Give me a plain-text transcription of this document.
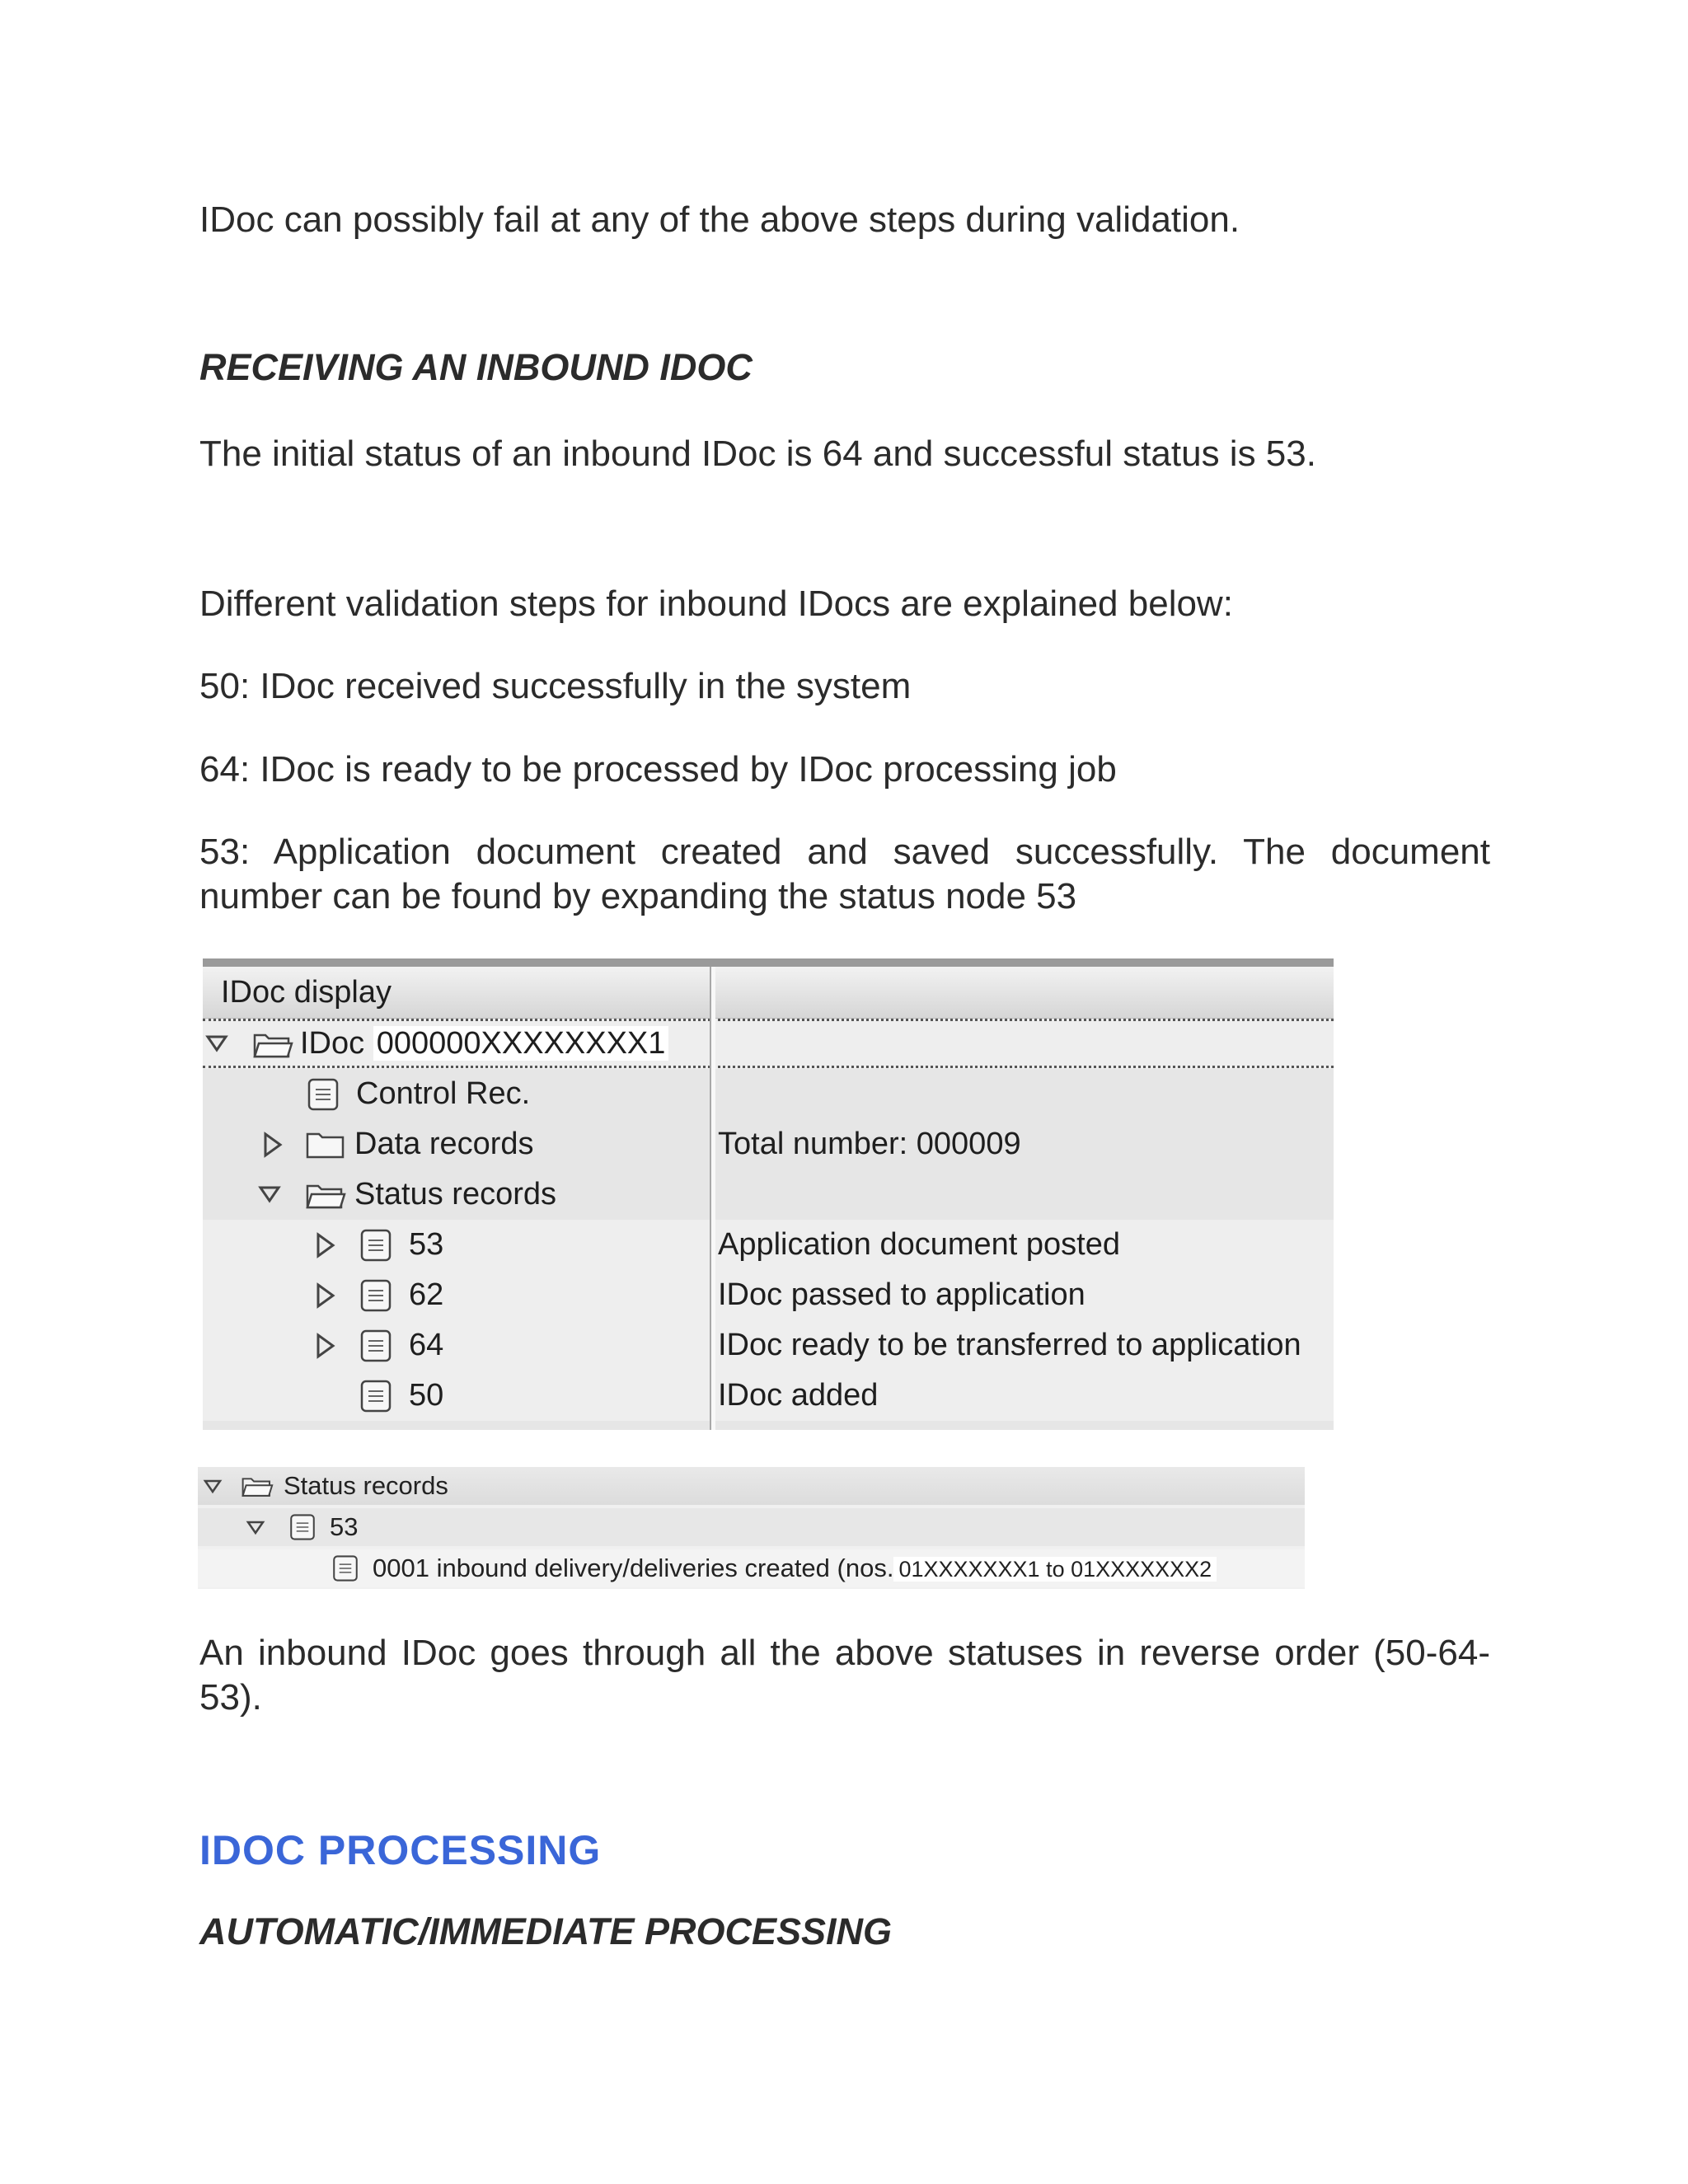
IDoc can possibly fail at any of the above steps during validation.

RECEIVING AN INBOUND IDOC

The initial status of an inbound IDoc is 64 and successful status is 53.

Different validation steps for inbound IDocs are explained below:

50: IDoc received successfully in the system

64: IDoc is ready to be processed by IDoc processing job

53: Application document created and saved successfully. The document number can be found by expanding the status node 53

IDoc display
IDoc 000000XXXXXXXX1
Control Rec.
Data records	Total number: 000009
Status records
53	Application document posted
62	IDoc passed to application
64	IDoc ready to be transferred to application
50	IDoc added
Status records
53
0001 inbound delivery/deliveries created (nos. 01XXXXXXX1 to 01XXXXXXX2

An inbound IDoc goes through all the above statuses in reverse order (50-64-53).

IDOC PROCESSING
AUTOMATIC/IMMEDIATE PROCESSING
